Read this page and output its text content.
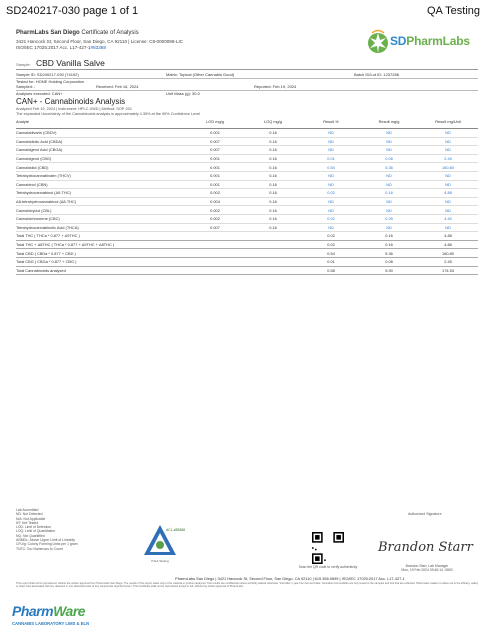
SD240217-030 page 1 of 1	QA Testing
PharmLabs San Diego Certificate of Analysis
3421 Hancock St, Second Floor, San Diego, CA 92110 | License: C8-0000098-LIC
ISO/IEC 17025:2017 Acc. L17-427-1#83368	SDPharmLabs
Sample: CBD Vanilla Salve
Sample ID: SD240217-030 (74192)	Matrix: Topical (Other Cannabis Good)	Batch ID/Lot ID: 1237286
Tested for: HONE Holding Corporation
Sampled: -	Received: Feb 16, 2024	Reported: Feb 19, 2024
Analyses executed: CAN+	Unit Mass (g): 30.0
CAN+ - Cannabinoids Analysis
Analyzed Feb 19, 2024 | Instrument: HPLC-VWD | Method: SOP-001
The expanded Uncertainty of the Cannabinoids analysis is approximately 4.35% at the 95% Confidence Level
Analyte	LOD mg/g	LOQ mg/g	Result %	Result mg/g	Result mg/Unit
Cannabidivarin (CBDV)	0.001	0.16	ND	ND	ND
Cannabidiolic Acid (CBDA)	0.007	0.16	ND	ND	ND
Cannabigerol Acid (CBGA)	0.007	0.16	ND	ND	ND
Cannabigerol (CBG)	0.001	0.16	0.01	0.08	2.45
Cannabidiol (CBD)	0.001	0.16	0.54	5.36	160.80
Tetrahydrocannabivarin (THCV)	0.001	0.16	ND	ND	ND
Cannabinol (CBN)	0.001	0.16	ND	ND	ND
Tetrahydrocannabinol (Δ9-THC)	0.002	0.16	0.02	0.16	4.88
Δ8-tetrahydrocannabinol (Δ8-THC)	0.004	0.16	ND	ND	ND
Cannabicyclol (CBL)	0.002	0.16	ND	ND	ND
Cannabichromene (CBC)	0.002	0.16	0.02	0.25	4.40
Tetrahydrocannabinolic Acid (THCA)	0.007	0.16	ND	ND	ND
Total THC ( THCa * 0.877 + Δ9THC )			0.02	0.16	4.88
Total THC + Δ8THC ( THCa * 0.877 + Δ9THC + Δ8THC )			0.02	0.16	4.88
Total CBD ( CBDa * 0.877 + CBD )			0.54	5.36	160.80
Total CBG ( CBGa * 0.877 + CBG )			0.01	0.08	2.45
Total Cannabinoids analyzed			0.58	5.90	174.53
Lab Accredited
ND: Not Detected
N/A: Not Applicable
NT: Not Tested
LOD: Limit of Detection
LOQ: Limit of Quantitation
NQ: Not Quantified
ANMDL: Above Upper Limit of Linearity
CFU/g: Colony Forming Units per 1 gram
TNTC: Too Numerous to Count
ACL-#83368
PJLA Testing
Scan the QR code to verify authenticity
Authorized Signature
Brandon Starr
Brandon Starr, Lab Manager
Mon, 19 Feb 2024 09:45:14 -0800
PharmLabs San Diego | 3421 Hancock St, Second Floor, San Diego, CA 92110 | 619.356.0699 | ISO/IEC 17025:2017 Acc. L17-427-1
This report shall not be reproduced, without the written approval from PharmLabs San Diego. The results of this report relate only to the material or product analyzed. Test results are confidential unless explicitly waived otherwise. Void after 1 year from test end date. Cannabis Commodities are only tested to the samples and lots that are collected. PharmLabs makes no claims as to the efficacy, safety or other risks associated with any detected or non-detected levels of any compounds reported herein. This Certificate shall not be reproduced except in full, without the written approval of PharmLabs.
PharmWare
CANNABIS LABORATORY LIMS & ELN
